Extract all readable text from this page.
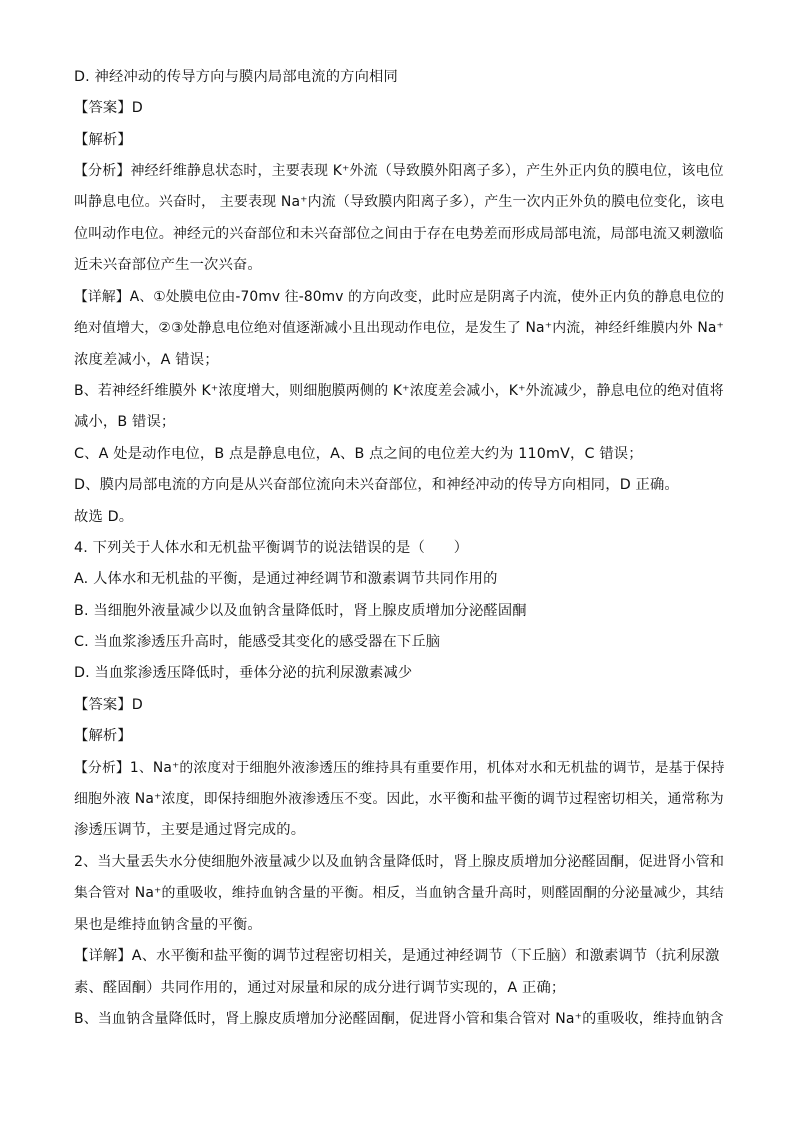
D. 神经冲动的传导方向与膜内局部电流的方向相同
【答案】D
【解析】
【分析】神经纤维静息状态时，主要表现 K⁺外流（导致膜外阳离子多），产生外正内负的膜电位，该电位
叫静息电位。兴奋时， 主要表现 Na⁺内流（导致膜内阳离子多），产生一次内正外负的膜电位变化，该电
位叫动作电位。神经元的兴奋部位和未兴奋部位之间由于存在电势差而形成局部电流，局部电流又刺激临
近未兴奋部位产生一次兴奋。
【详解】A、①处膜电位由-70mv 往-80mv 的方向改变，此时应是阴离子内流，使外正内负的静息电位的
绝对值增大，②③处静息电位绝对值逐渐减小且出现动作电位，是发生了 Na⁺内流，神经纤维膜内外 Na⁺
浓度差减小，A 错误；
B、若神经纤维膜外 K⁺浓度增大，则细胞膜两侧的 K⁺浓度差会减小，K⁺外流减少，静息电位的绝对值将
减小，B 错误；
C、A 处是动作电位，B 点是静息电位，A、B 点之间的电位差大约为 110mV，C 错误；
D、膜内局部电流的方向是从兴奋部位流向未兴奋部位，和神经冲动的传导方向相同，D 正确。
故选 D。
4. 下列关于人体水和无机盐平衡调节的说法错误的是（　　）
A. 人体水和无机盐的平衡，是通过神经调节和激素调节共同作用的
B. 当细胞外液量减少以及血钠含量降低时，肾上腺皮质增加分泌醛固酮
C. 当血浆渗透压升高时，能感受其变化的感受器在下丘脑
D. 当血浆渗透压降低时，垂体分泌的抗利尿激素减少
【答案】D
【解析】
【分析】1、Na⁺的浓度对于细胞外液渗透压的维持具有重要作用，机体对水和无机盐的调节，是基于保持
细胞外液 Na⁺浓度，即保持细胞外液渗透压不变。因此，水平衡和盐平衡的调节过程密切相关，通常称为
渗透压调节，主要是通过肾完成的。
2、当大量丢失水分使细胞外液量减少以及血钠含量降低时，肾上腺皮质增加分泌醛固酮，促进肾小管和
集合管对 Na⁺的重吸收，维持血钠含量的平衡。相反，当血钠含量升高时，则醛固酮的分泌量减少，其结
果也是维持血钠含量的平衡。
【详解】A、水平衡和盐平衡的调节过程密切相关，是通过神经调节（下丘脑）和激素调节（抗利尿激
素、醛固酮）共同作用的，通过对尿量和尿的成分进行调节实现的，A 正确；
B、当血钠含量降低时，肾上腺皮质增加分泌醛固酮，促进肾小管和集合管对 Na⁺的重吸收，维持血钠含
